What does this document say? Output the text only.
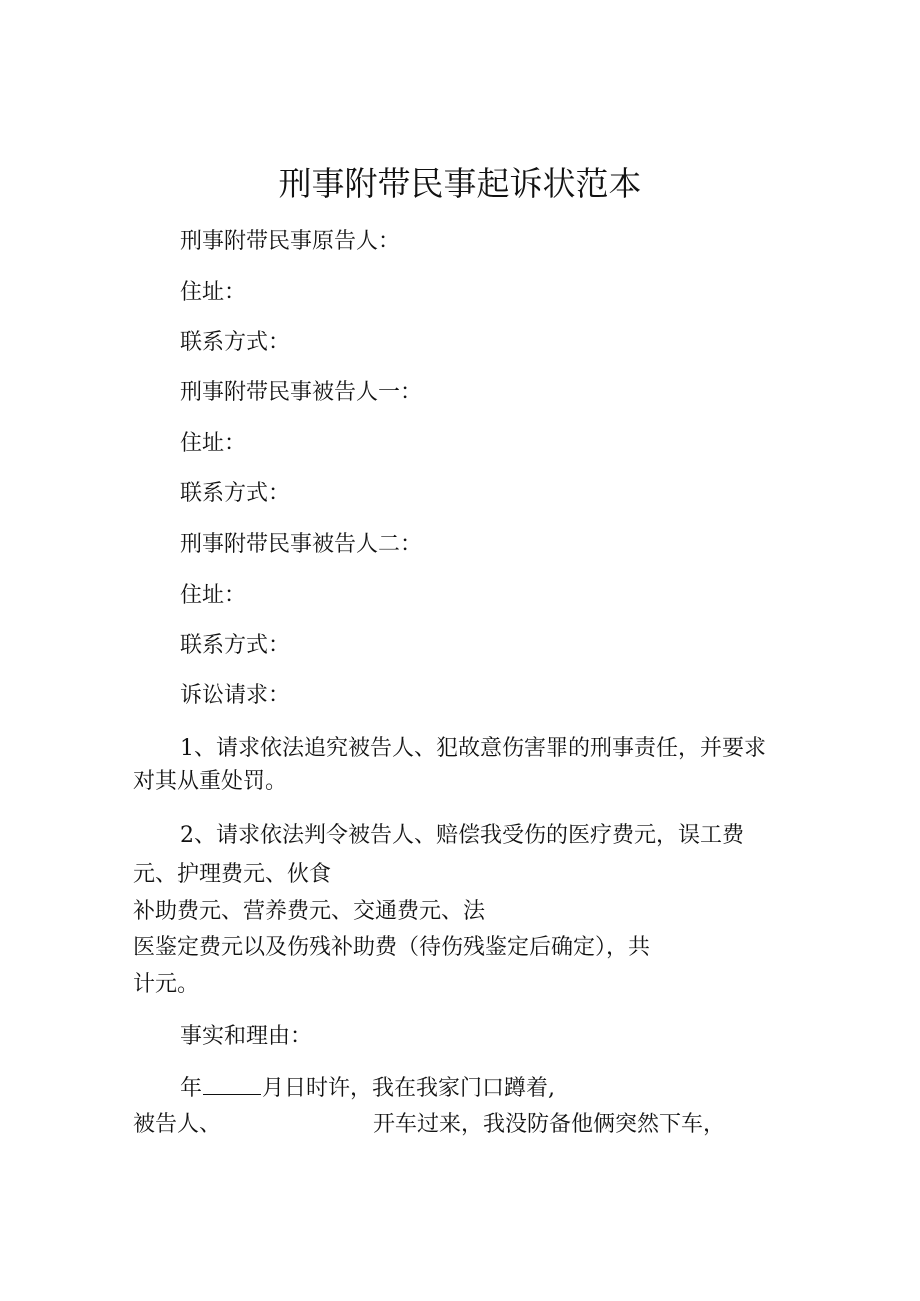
刑事附带民事起诉状范本
刑事附带民事原告人：
住址：
联系方式：
刑事附带民事被告人一：
住址：
联系方式：
刑事附带民事被告人二：
住址：
联系方式：
诉讼请求：
1、请求依法追究被告人、犯故意伤害罪的刑事责任，并要求
对其从重处罚。
2、请求依法判令被告人、赔偿我受伤的医疗费元，误工费
元、护理费元、伙食
补助费元、营养费元、交通费元、法
医鉴定费元以及伤残补助费（待伤残鉴定后确定），共
计元。
事实和理由：
年	月日时许，我在我家门口蹲着,
被告人、	开车过来，我没防备他俩突然下车，
